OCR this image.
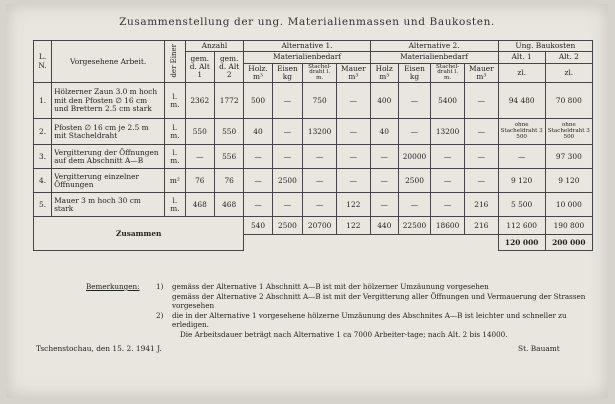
Zusammenstellung der ung. Materialienmassen und Baukosten.
L. N.	Vorgesehene Arbeit.	der Einer	Anzahl		Alternative 1.				Alternative 2.				Ung. Baukosten	
			gem. d. Alt 1	gem. d. Alt 2	Materialienbedarf				Materialienbedarf				Alt. 1	Alt. 2
					Holz. m³	Eisen kg	Stachel-draht l. m.	Mauer m³	Holz m³	Eisen kg	Stachel-draht l. m.	Mauer m³	zl.	zl.
1.	Hölzerner Zaun 3.0 m hoch mit den Pfosten ∅ 16 cm und Brettern 2.5 cm stark	l. m.	2362	1772	500	—	750	—	400	—	5400	—	94 480	70 800
2.	Pfosten ∅ 16 cm je 2.5 m mit Stacheldraht	l. m.	550	550	40	—	13200	—	40	—	13200	—	ohne Stacheldraht 3 500	ohne Stacheldraht 3 500
3.	Vergitterung der Öffnungen auf dem Abschnitt A—B	l. m.	—	556	—	—	—	—	—	20000	—	—	—	97 300
4.	Vergitterung einzelner Öffnungen	m²	76	76	—	2500	—	—	—	2500	—	—	9 120	9 120
5.	Mauer 3 m hoch 30 cm stark	l. m.	468	468	—	—	—	122	—	—	—	216	5 500	10 000
Zusammen					540	2500	20700	122	440	22500	18600	216	112 600	190 800
													120 000	200 000
Bemerkungen: 1)	gemäss der Alternative 1 Abschnitt A—B ist mit der hölzerner Umzäunung vorgesehen
gemäss der Alternative 2 Abschnitt A—B ist mit der Vergitterung aller Öffnungen und Vermauerung der Strassen vorgesehen
2)	die in der Alternative 1 vorgesehene hölzerne Umzäunung des Abschnites A—B ist leichter und schneller zu erledigen.
Die Arbeitsdauer beträgt nach Alternative 1 ca 7000 Arbeiter-tage; nach Alt. 2 bis 14000.
Tschenstochau, den 15. 2. 1941 J.	St. Bauamt
